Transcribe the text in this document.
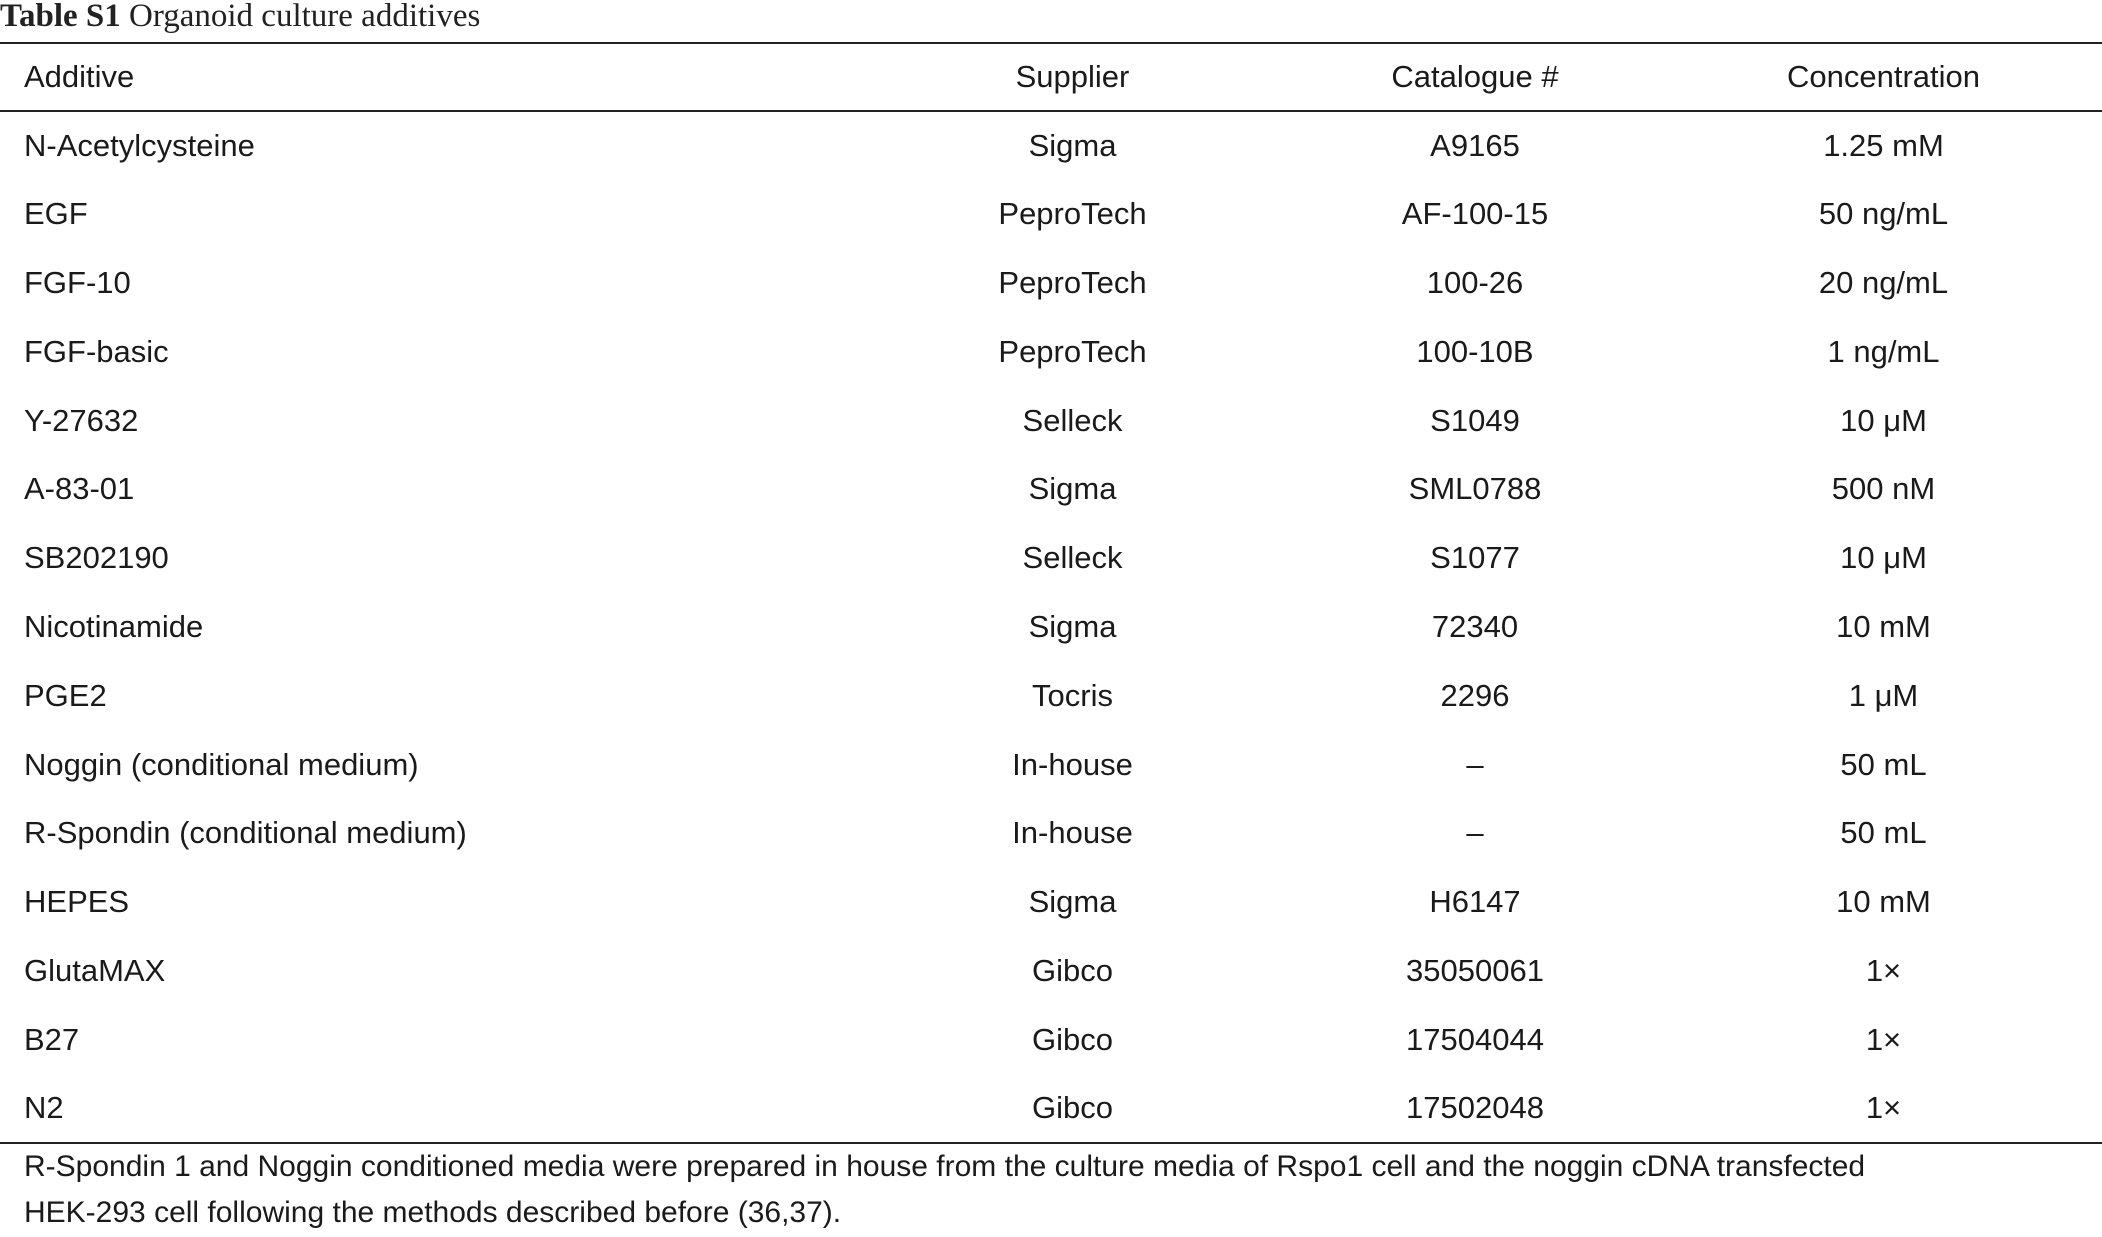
Table S1 Organoid culture additives
Additive	Supplier	Catalogue #	Concentration
N-Acetylcysteine	Sigma	A9165	1.25 mM
EGF	PeproTech	AF-100-15	50 ng/mL
FGF-10	PeproTech	100-26	20 ng/mL
FGF-basic	PeproTech	100-10B	1 ng/mL
Y-27632	Selleck	S1049	10 μM
A-83-01	Sigma	SML0788	500 nM
SB202190	Selleck	S1077	10 μM
Nicotinamide	Sigma	72340	10 mM
PGE2	Tocris	2296	1 μM
Noggin (conditional medium)	In-house	–	50 mL
R-Spondin (conditional medium)	In-house	–	50 mL
HEPES	Sigma	H6147	10 mM
GlutaMAX	Gibco	35050061	1×
B27	Gibco	17504044	1×
N2	Gibco	17502048	1×
R-Spondin 1 and Noggin conditioned media were prepared in house from the culture media of Rspo1 cell and the noggin cDNA transfected
HEK-293 cell following the methods described before (36,37).
